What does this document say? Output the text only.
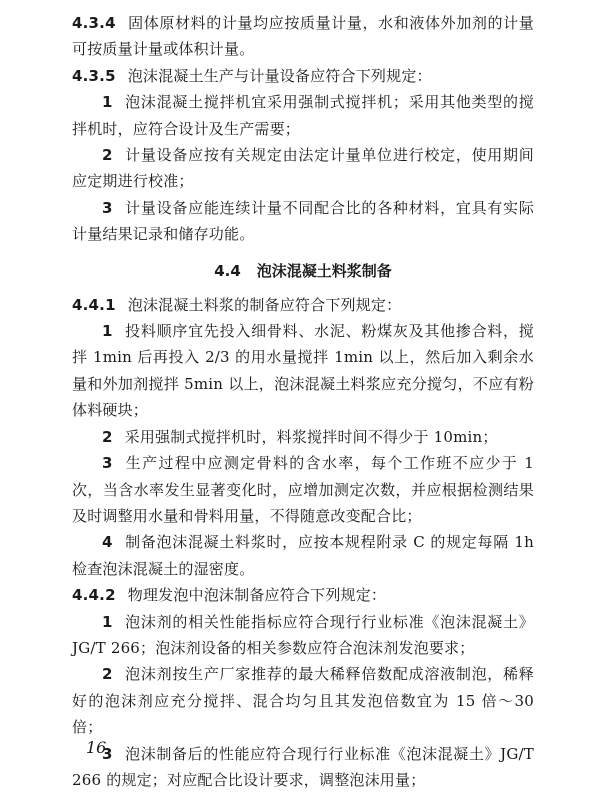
4.3.4 固体原材料的计量均应按质量计量，水和液体外加剂的计量可按质量计量或体积计量。

4.3.5 泡沫混凝土生产与计量设备应符合下列规定：

1 泡沫混凝土搅拌机宜采用强制式搅拌机；采用其他类型的搅拌机时，应符合设计及生产需要；

2 计量设备应按有关规定由法定计量单位进行校定，使用期间应定期进行校准；

3 计量设备应能连续计量不同配合比的各种材料，宜具有实际计量结果记录和储存功能。

4.4 泡沫混凝土料浆制备

4.4.1 泡沫混凝土料浆的制备应符合下列规定：

1 投料顺序宜先投入细骨料、水泥、粉煤灰及其他掺合料，搅拌 1min 后再投入 2/3 的用水量搅拌 1min 以上，然后加入剩余水量和外加剂搅拌 5min 以上，泡沫混凝土料浆应充分搅匀，不应有粉体料硬块；

2 采用强制式搅拌机时，料浆搅拌时间不得少于 10min；

3 生产过程中应测定骨料的含水率，每个工作班不应少于 1 次，当含水率发生显著变化时，应增加测定次数，并应根据检测结果及时调整用水量和骨料用量，不得随意改变配合比；

4 制备泡沫混凝土料浆时，应按本规程附录 C 的规定每隔 1h 检查泡沫混凝土的湿密度。

4.4.2 物理发泡中泡沫制备应符合下列规定：

1 泡沫剂的相关性能指标应符合现行行业标准《泡沫混凝土》JG/T 266；泡沫剂设备的相关参数应符合泡沫剂发泡要求；

2 泡沫剂按生产厂家推荐的最大稀释倍数配成溶液制泡，稀释好的泡沫剂应充分搅拌、混合均匀且其发泡倍数宜为 15 倍～30 倍；

3 泡沫制备后的性能应符合现行行业标准《泡沫混凝土》JG/T 266 的规定；对应配合比设计要求，调整泡沫用量；

16
